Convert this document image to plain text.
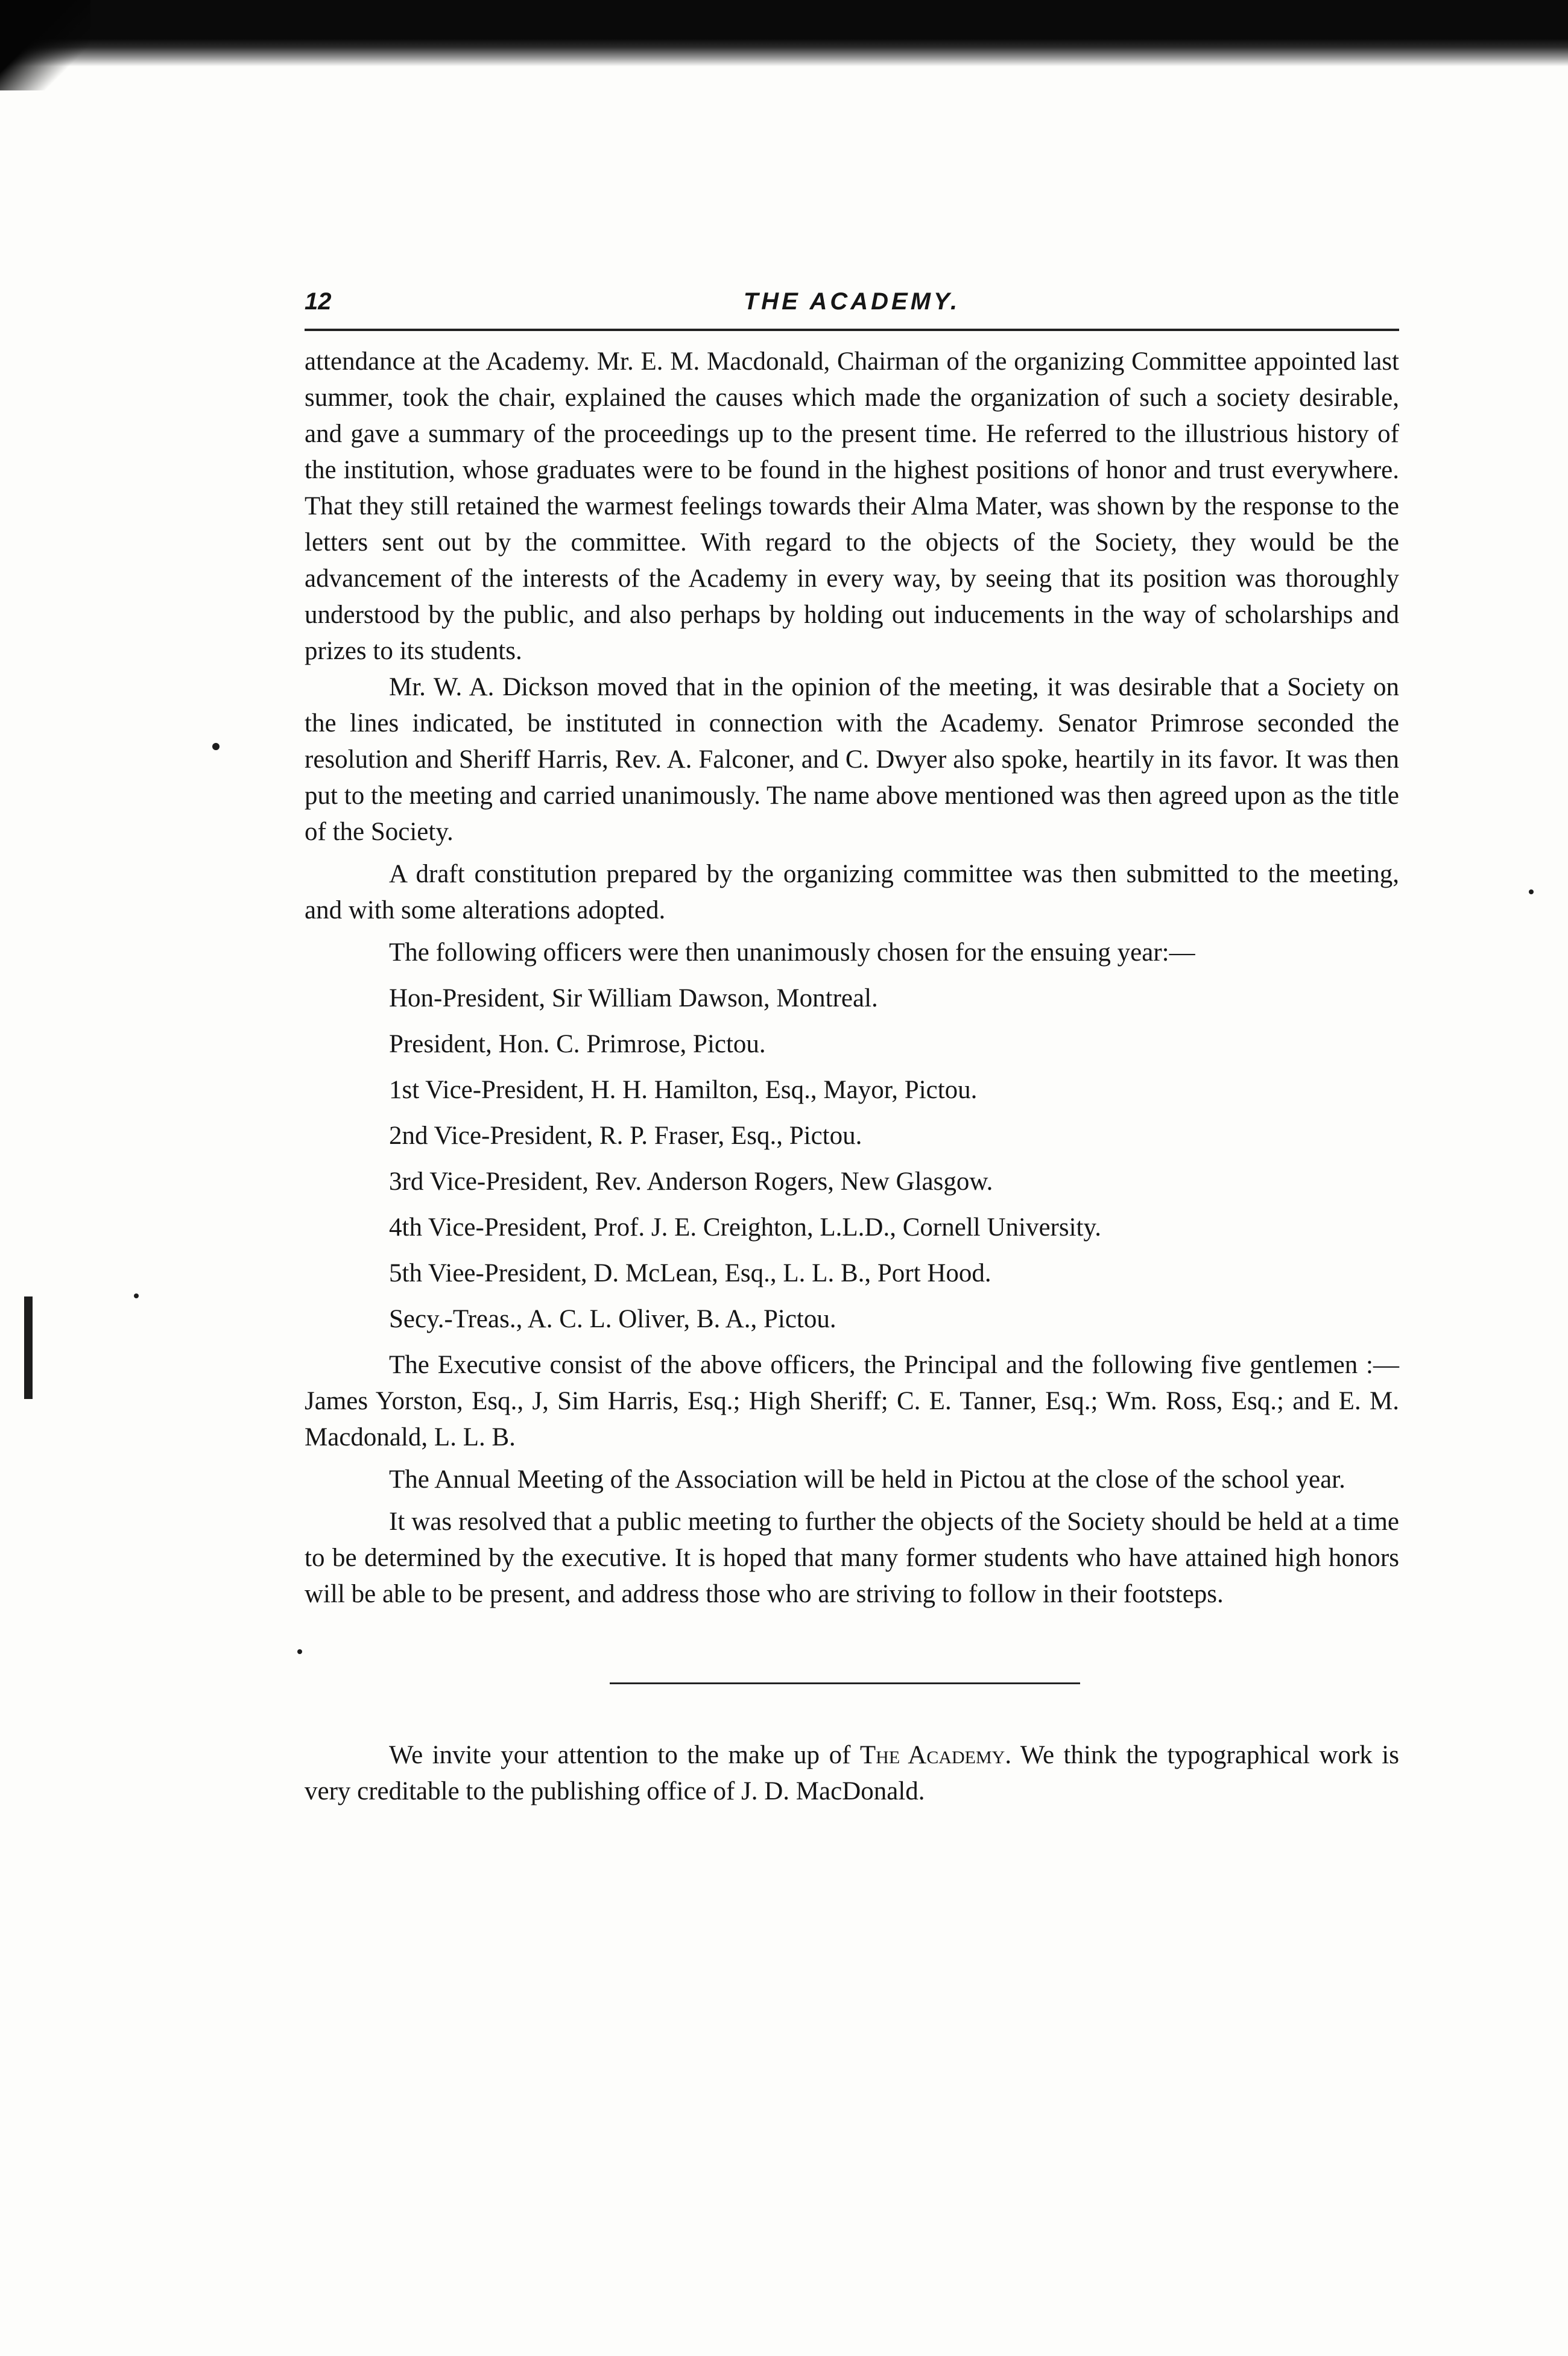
12	THE ACADEMY.

attendance at the Academy. Mr. E. M. Macdonald, Chairman of the organizing Committee appointed last summer, took the chair, explained the causes which made the organization of such a society desirable, and gave a summary of the proceedings up to the present time. He referred to the illustrious history of the institution, whose graduates were to be found in the highest positions of honor and trust everywhere. That they still retained the warmest feelings towards their Alma Mater, was shown by the response to the letters sent out by the committee. With regard to the objects of the Society, they would be the advancement of the interests of the Academy in every way, by seeing that its position was thoroughly understood by the public, and also perhaps by holding out inducements in the way of scholarships and prizes to its students.

Mr. W. A. Dickson moved that in the opinion of the meeting, it was desirable that a Society on the lines indicated, be instituted in connection with the Academy. Senator Primrose seconded the resolution and Sheriff Harris, Rev. A. Falconer, and C. Dwyer also spoke, heartily in its favor. It was then put to the meeting and carried unanimously. The name above mentioned was then agreed upon as the title of the Society.

A draft constitution prepared by the organizing committee was then submitted to the meeting, and with some alterations adopted.

The following officers were then unanimously chosen for the ensuing year:—

Hon-President, Sir William Dawson, Montreal.
President, Hon. C. Primrose, Pictou.
1st Vice-President, H. H. Hamilton, Esq., Mayor, Pictou.
2nd Vice-President, R. P. Fraser, Esq., Pictou.
3rd Vice-President, Rev. Anderson Rogers, New Glasgow.
4th Vice-President, Prof. J. E. Creighton, L.L.D., Cornell University.
5th Viee-President, D. McLean, Esq., L. L. B., Port Hood.
Secy.-Treas., A. C. L. Oliver, B. A., Pictou.

The Executive consist of the above officers, the Principal and the following five gentlemen :—James Yorston, Esq., J, Sim Harris, Esq.; High Sheriff; C. E. Tanner, Esq.; Wm. Ross, Esq.; and E. M. Macdonald, L. L. B.

The Annual Meeting of the Association will be held in Pictou at the close of the school year.

It was resolved that a public meeting to further the objects of the Society should be held at a time to be determined by the executive. It is hoped that many former students who have attained high honors will be able to be present, and address those who are striving to follow in their footsteps.

We invite your attention to the make up of The Academy. We think the typographical work is very creditable to the publishing office of J. D. MacDonald.
